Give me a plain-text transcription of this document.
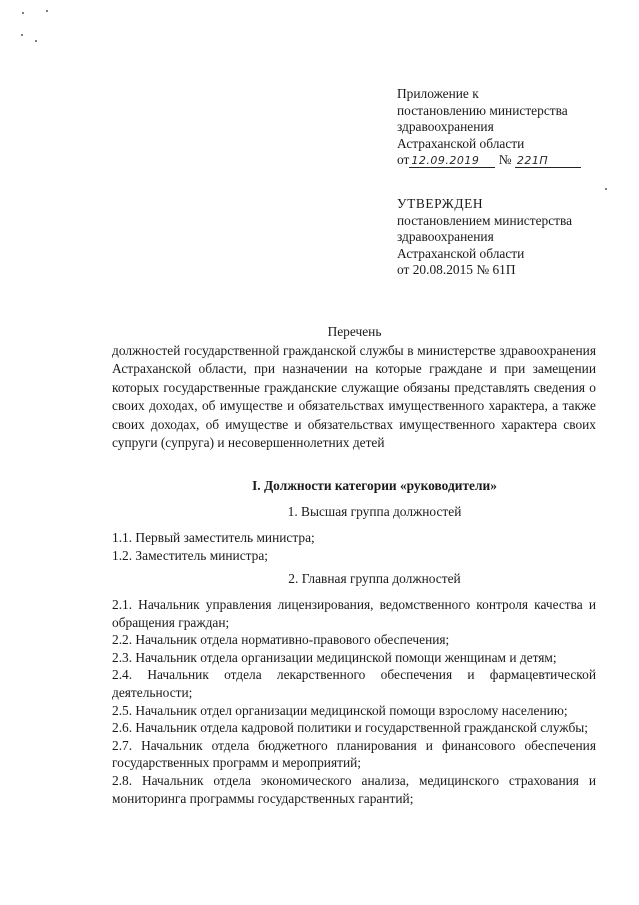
Приложение к
постановлению министерства
здравоохранения
Астраханской области
от 12.09.2019 № 221П
УТВЕРЖДЕН
постановлением министерства
здравоохранения
Астраханской области
от 20.08.2015 № 61П
Перечень
должностей государственной гражданской службы в министерстве здравоохранения Астраханской области, при назначении на которые граждане и при замещении которых государственные гражданские служащие обязаны представлять сведения о своих доходах, об имуществе и обязательствах имущественного характера, а также своих доходах, об имуществе и обязательствах имущественного характера своих супруги (супруга) и несовершеннолетних детей
I. Должности категории «руководители»
1. Высшая группа должностей
1.1. Первый заместитель министра;
1.2. Заместитель министра;
2. Главная группа должностей
2.1. Начальник управления лицензирования, ведомственного контроля качества и обращения граждан;
2.2. Начальник отдела нормативно-правового обеспечения;
2.3. Начальник отдела организации медицинской помощи женщинам и детям;
2.4. Начальник отдела лекарственного обеспечения и фармацевтической деятельности;
2.5. Начальник отдел организации медицинской помощи взрослому населению;
2.6. Начальник отдела кадровой политики и государственной гражданской службы;
2.7. Начальник отдела бюджетного планирования и финансового обеспечения государственных программ и мероприятий;
2.8. Начальник отдела экономического анализа, медицинского страхования и мониторинга программы государственных гарантий;
